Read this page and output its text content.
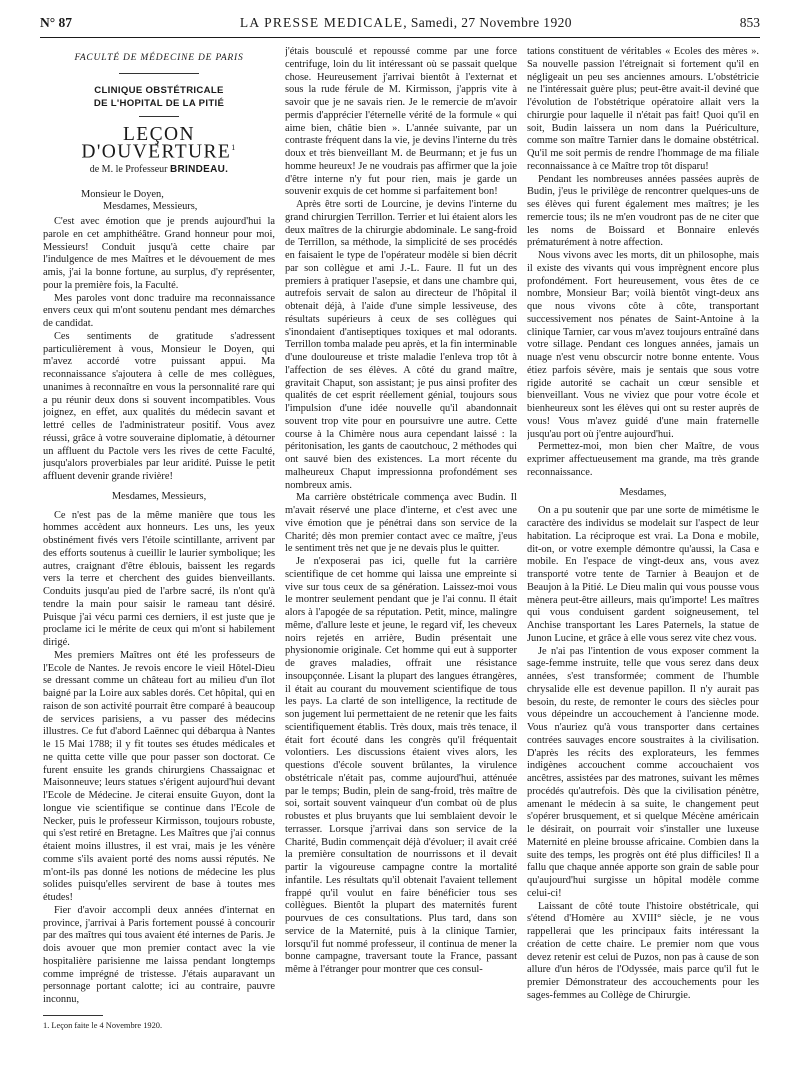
N° 87	LA PRESSE MEDICALE, Samedi, 27 Novembre 1920	853
FACULTÉ DE MÉDECINE DE PARIS
CLINIQUE OBSTÉTRICALE
DE L'HOPITAL DE LA PITIÉ
LEÇON D'OUVERTURE$^1$
de M. le Professeur BRINDEAU.

Monsieur le Doyen,

Mesdames, Messieurs,

C'est avec émotion que je prends aujourd'hui la parole en cet amphithéâtre. Grand honneur pour moi, Messieurs! Conduit jusqu'à cette chaire par l'indulgence de mes Maîtres et le dévouement de mes amis, j'ai la bonne fortune, au surplus, d'y représenter, pour la première fois, la Faculté.

Mes paroles vont donc traduire ma reconnaissance envers ceux qui m'ont soutenu pendant mes démarches de candidat.

Ces sentiments de gratitude s'adressent particulièrement à vous, Monsieur le Doyen, qui m'avez accordé votre puissant appui. Ma reconnaissance s'ajoutera à celle de mes collègues, unanimes à reconnaître en vous la personnalité rare qui a pu réunir deux dons si souvent incompatibles. Vous joignez, en effet, aux qualités du médecin savant et lettré celles de l'administrateur positif. Vous avez réussi, grâce à votre souveraine diplomatie, à détourner un affluent du Pactole vers les rives de cette Faculté, jusqu'alors proverbiales par leur aridité. Puisse le petit affluent devenir grande rivière!

Mesdames, Messieurs,

Ce n'est pas de la même manière que tous les hommes accèdent aux honneurs. Les uns, les yeux obstinément fivés vers l'étoile scintillante, arrivent par des efforts soutenus à cueillir le laurier symbolique; les autres, craignant d'être éblouis, baissent les regards vers la terre et cherchent des guides bienveillants. Conduits jusqu'au pied de l'arbre sacré, ils n'ont qu'à tendre la main pour saisir le rameau tant désiré. Puisque j'ai vécu parmi ces derniers, il est juste que je proclame ici le mérite de ceux qui m'ont si habilement dirigé.

Mes premiers Maîtres ont été les professeurs de l'Ecole de Nantes. Je revois encore le vieil Hôtel-Dieu se dressant comme un château fort au milieu d'un îlot baigné par la Loire aux sables dorés. Cet hôpital, qui en raison de son activité pourrait être comparé à beaucoup de services parisiens, a vu passer des médecins illustres. Ce fut d'abord Laënnec qui débarqua à Nantes le 15 Mai 1788; il y fit toutes ses études médicales et ne quitta cette ville que pour passer son doctorat. Ce furent ensuite les grands chirurgiens Chassaignac et Maisonneuve; leurs statues s'érigent aujourd'hui devant l'Ecole de Médecine. Je citerai ensuite Guyon, dont la longue vie scientifique se continue dans l'Ecole de Necker, puis le professeur Kirmisson, toujours robuste, qui s'est retiré en Bretagne. Les Maîtres que j'ai connus étaient moins illustres, il est vrai, mais je les vénère comme s'ils avaient porté des noms aussi réputés. Ne m'ont-ils pas donné les notions de médecine les plus solides puisqu'elles servirent de base à toutes mes études!

Fier d'avoir accompli deux années d'internat en province, j'arrivai à Paris fortement poussé à concourir par des maîtres qui tous avaient été internes de Paris. Je dois avouer que mon premier contact avec la vie hospitalière parisienne me laissa pendant longtemps comme imprégné de tristesse. J'étais auparavant un personnage portant calotte; ici au contraire, pauvre inconnu,

1. Leçon faite le 4 Novembre 1920.

j'étais bousculé et repoussé comme par une force centrifuge, loin du lit intéressant où se passait quelque chose. Heureusement j'arrivai bientôt à l'externat et sous la rude férule de M. Kirmisson, j'appris vite à savoir que je ne savais rien. Je le remercie de m'avoir permis d'apprécier l'éternelle vérité de la formule « qui aime bien, châtie bien ». L'année suivante, par un contraste fréquent dans la vie, je devins l'interne du très doux et très bienveillant M. de Beurmann; et je fus un homme heureux! Je ne voudrais pas affirmer que la joie d'être interne n'y fut pour rien, mais je garde un souvenir exquis de cet homme si parfaitement bon!

Après être sorti de Lourcine, je devins l'interne du grand chirurgien Terrillon. Terrier et lui étaient alors les deux maîtres de la chirurgie abdominale. Le sang-froid de Terrillon, sa méthode, la simplicité de ses procédés en faisaient le type de l'opérateur modèle si bien décrit par son collègue et ami J.-L. Faure. Il fut un des premiers à pratiquer l'asepsie, et dans une chambre qui, autrefois servait de salon au directeur de l'hôpital il obtenait déjà, à l'aide d'une simple lessiveuse, des résultats supérieurs à ceux de ses collègues qui s'inondaient d'antiseptiques toxiques et mal odorants. Terrillon tomba malade peu après, et la fin interminable d'une douloureuse et triste maladie l'enleva trop tôt à l'affection de ses élèves. A côté du grand maître, gravitait Chaput, son assistant; je pus ainsi profiter des qualités de cet esprit réellement génial, toujours sous l'impulsion d'une idée nouvelle qu'il abandonnait souvent trop vite pour en poursuivre une autre. Cette course à la Chimère nous aura cependant laissé : la péritonisation, les gants de caoutchouc, 2 méthodes qui ont sauvé bien des existences. La mort récente du malheureux Chaput impressionna profondément ses nombreux amis.

Ma carrière obstétricale commença avec Budin. Il m'avait réservé une place d'interne, et c'est avec une vive émotion que je pénétrai dans son service de la Charité; dès mon premier contact avec ce maître, j'eus le sentiment très net que je ne devais plus le quitter.

Je n'exposerai pas ici, quelle fut la carrière scientifique de cet homme qui laissa une empreinte si vive sur tous ceux de sa génération. Laissez-moi vous le montrer seulement pendant que je l'ai connu. Il était alors à l'apogée de sa réputation. Petit, mince, malingre même, d'allure leste et jeune, le regard vif, les cheveux noirs rejetés en arrière, Budin présentait une physionomie originale. Cet homme qui eut à supporter de graves maladies, offrait une résistance insoupçonnée. Lisant la plupart des langues étrangères, il était au courant du mouvement scientifique de tous les pays. La clarté de son intelligence, la rectitude de son jugement lui permettaient de ne retenir que les faits scientifiquement établis. Très doux, mais très tenace, il était fort écouté dans les congrès qu'il fréquentait volontiers. Les discussions étaient vives alors, les questions d'école souvent brûlantes, la virulence obstétricale n'était pas, comme aujourd'hui, atténuée par le temps; Budin, plein de sang-froid, très maître de soi, sortait souvent vainqueur d'un combat où de plus robustes et plus bruyants que lui semblaient devoir le terrasser. Lorsque j'arrivai dans son service de la Charité, Budin commençait déjà d'évoluer; il avait créé la première consultation de nourrissons et il devait partir la vigoureuse campagne contre la mortalité infantile. Les résultats qu'il obtenait l'avaient tellement frappé qu'il voulut en faire bénéficier tous ses collègues. Bientôt la plupart des maternités furent pourvues de ces consultations. Plus tard, dans son service de la Maternité, puis à la clinique Tarnier, lorsqu'il fut nommé professeur, il continua de mener la bonne campagne, traversant toute la France, passant même à l'étranger pour montrer que ces consul-

tations constituent de véritables « Ecoles des mères ». Sa nouvelle passion l'étreignait si fortement qu'il en négligeait un peu ses anciennes amours. L'obstétricie ne l'intéressait guère plus; peut-être avait-il deviné que l'évolution de l'obstétrique opératoire allait vers la chirurgie pour laquelle il n'était pas fait! Quoi qu'il en soit, Budin laissera un nom dans la Puériculture, comme son maître Tarnier dans le domaine obstétrical. Qu'il me soit permis de rendre l'hommage de ma filiale reconnaissance à ce Maître trop tôt disparu!

Pendant les nombreuses années passées auprès de Budin, j'eus le privilège de rencontrer quelques-uns de ses élèves qui furent également mes maîtres; je les remercie tous; ils ne m'en voudront pas de ne citer que les noms de Boissard et Bonnaire enlevés prématurément à notre affection.

Nous vivons avec les morts, dit un philosophe, mais il existe des vivants qui vous imprègnent encore plus profondément. Fort heureusement, vous êtes de ce nombre, Monsieur Bar; voilà bientôt vingt-deux ans que nous vivons côte à côte, transportant successivement nos pénates de Saint-Antoine à la clinique Tarnier, car vous m'avez toujours entraîné dans votre sillage. Pendant ces longues années, jamais un nuage n'est venu obscurcir notre bonne entente. Vous étiez parfois sévère, mais je sentais que sous votre rigide autorité se cachait un cœur sensible et bienveillant. Vous ne viviez que pour votre école et bienheureux sont les élèves qui ont su rester auprès de vous! Vous m'avez guidé d'une main fraternelle jusqu'au port où j'entre aujourd'hui.

Permettez-moi, mon bien cher Maître, de vous exprimer affectueusement ma grande, ma très grande reconnaissance.

Mesdames,

On a pu soutenir que par une sorte de mimétisme le caractère des individus se modelait sur l'aspect de leur habitation. La réciproque est vrai. La Dona e mobile, dit-on, or votre exemple démontre qu'aussi, la Casa e mobile. En l'espace de vingt-deux ans, vous avez transporté votre tente de Tarnier à Beaujon et de Beaujon à la Pitié. Le Dieu malin qui vous pousse vous mènera peut-être ailleurs, mais qu'importe! Les maîtres qui vous conduisent gardent soigneusement, tel Anchise transportant les Lares Paternels, la statue de Junon Lucine, et grâce à elle vous serez vite chez vous.

Je n'ai pas l'intention de vous exposer comment la sage-femme instruite, telle que vous serez dans deux années, s'est transformée; comment de l'humble chrysalide elle est devenue papillon. Il n'y aurait pas besoin, du reste, de remonter le cours des siècles pour vous dépeindre un accouchement à l'ancienne mode. Vous n'auriez qu'à vous transporter dans certaines contrées sauvages encore soustraites à la civilisation. D'après les récits des explorateurs, les femmes indigènes accouchent comme accouchaient vos ancêtres, assistées par des matrones, suivant les mêmes procédés qu'autrefois. Dès que la civilisation pénètre, amenant le médecin à sa suite, le changement peut s'opérer brusquement, et si quelque Mécène américain le désirait, on pourrait voir s'installer une luxeuse Maternité en pleine brousse africaine. Combien dans la suite des temps, les progrès ont été plus difficiles! Il a fallu que chaque année apporte son grain de sable pour qu'aujourd'hui surgisse un hôpital modèle comme celui-ci!

Laissant de côté toute l'histoire obstétricale, qui s'étend d'Homère au XVIII° siècle, je ne vous rappellerai que les principaux faits intéressant la création de cette chaire. Le premier nom que vous devez retenir est celui de Puzos, non pas à cause de son allure d'un héros de l'Odyssée, mais parce qu'il fut le premier Démonstrateur des accouchements pour les sages-femmes au Collège de Chirurgie.
